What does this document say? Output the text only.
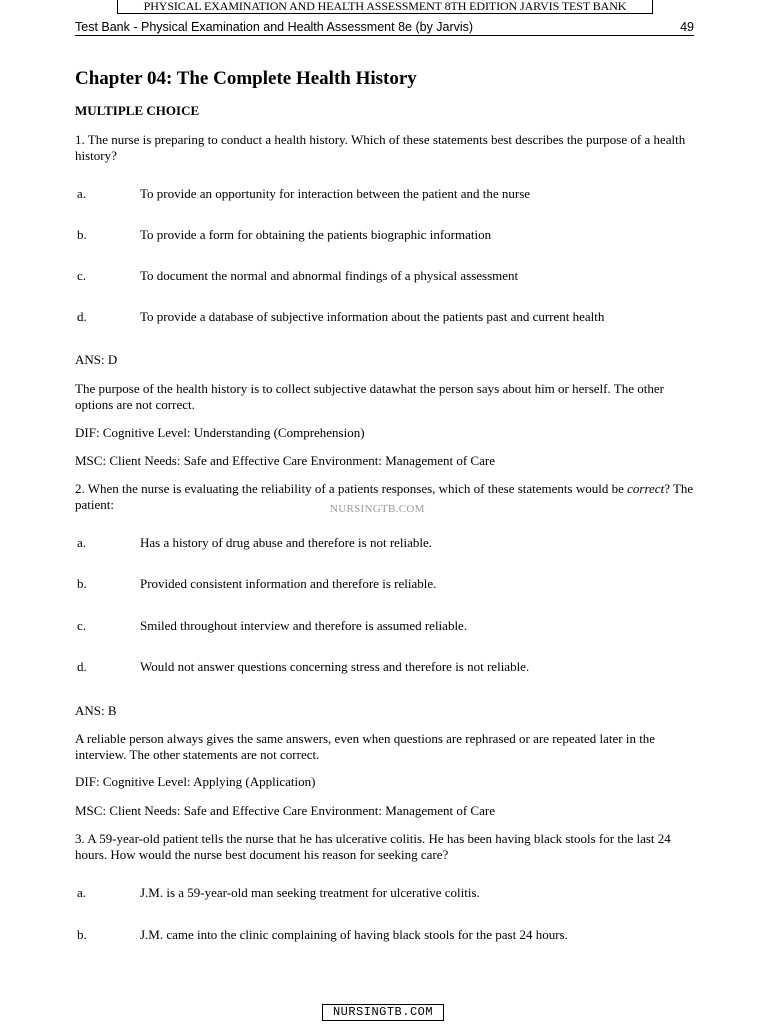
PHYSICAL EXAMINATION AND HEALTH ASSESSMENT 8TH EDITION JARVIS TEST BANK
Test Bank - Physical Examination and Health Assessment 8e (by Jarvis)	49
Chapter 04: The Complete Health History
MULTIPLE CHOICE
1. The nurse is preparing to conduct a health history. Which of these statements best describes the purpose of a health history?
a.	To provide an opportunity for interaction between the patient and the nurse
b.	To provide a form for obtaining the patients biographic information
c.	To document the normal and abnormal findings of a physical assessment
d.	To provide a database of subjective information about the patients past and current health
ANS: D
The purpose of the health history is to collect subjective datawhat the person says about him or herself. The other options are not correct.
DIF: Cognitive Level: Understanding (Comprehension)
MSC: Client Needs: Safe and Effective Care Environment: Management of Care
2. When the nurse is evaluating the reliability of a patients responses, which of these statements would be correct? The patient:	NURSINGTB.COM
a.	Has a history of drug abuse and therefore is not reliable.
b.	Provided consistent information and therefore is reliable.
c.	Smiled throughout interview and therefore is assumed reliable.
d.	Would not answer questions concerning stress and therefore is not reliable.
ANS: B
A reliable person always gives the same answers, even when questions are rephrased or are repeated later in the interview. The other statements are not correct.
DIF: Cognitive Level: Applying (Application)
MSC: Client Needs: Safe and Effective Care Environment: Management of Care
3. A 59-year-old patient tells the nurse that he has ulcerative colitis. He has been having black stools for the last 24 hours. How would the nurse best document his reason for seeking care?
a.	J.M. is a 59-year-old man seeking treatment for ulcerative colitis.
b.	J.M. came into the clinic complaining of having black stools for the past 24 hours.
NURSINGTB.COM
